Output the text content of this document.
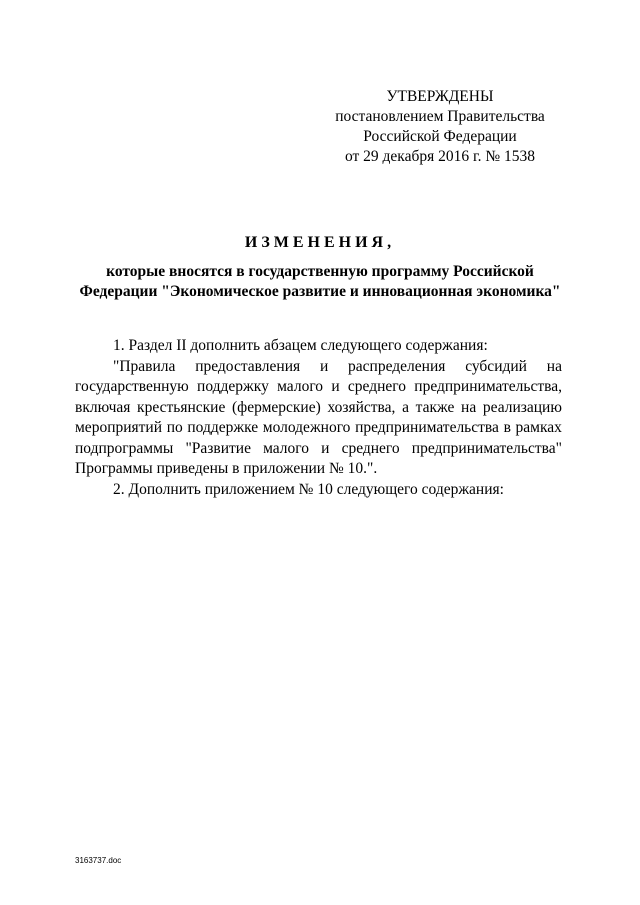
УТВЕРЖДЕНЫ
постановлением Правительства
Российской Федерации
от 29 декабря 2016 г. № 1538
ИЗМЕНЕНИЯ,
которые вносятся в государственную программу Российской
Федерации "Экономическое развитие и инновационная экономика"
1. Раздел II дополнить абзацем следующего содержания:
"Правила предоставления и распределения субсидий на
государственную поддержку малого и среднего предпринимательства,
включая крестьянские (фермерские) хозяйства, а также на реализацию
мероприятий по поддержке молодежного предпринимательства в рамках
подпрограммы "Развитие малого и среднего предпринимательства"
Программы приведены в приложении № 10.".
2. Дополнить приложением № 10 следующего содержания:
3163737.doc
